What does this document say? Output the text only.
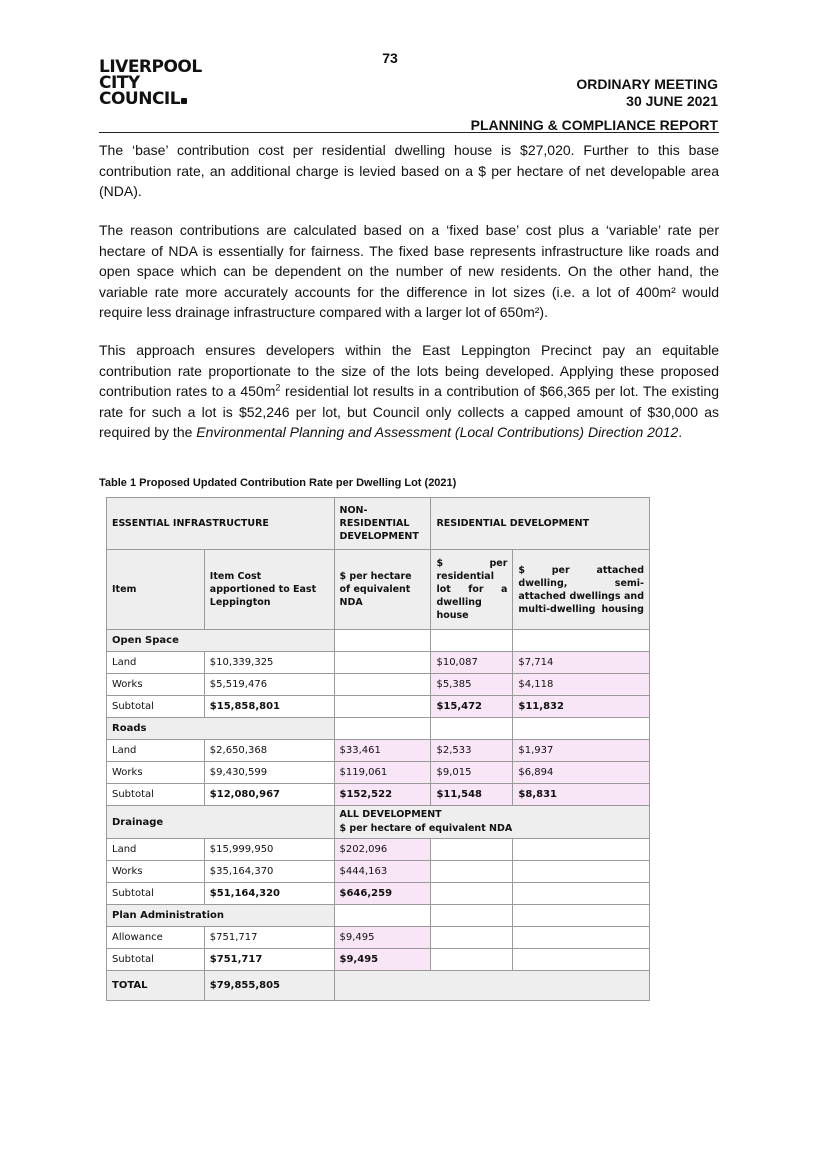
73
LIVERPOOL
CITY
COUNCIL
ORDINARY MEETING
30 JUNE 2021
PLANNING & COMPLIANCE REPORT

The ‘base’ contribution cost per residential dwelling house is $27,020. Further to this base contribution rate, an additional charge is levied based on a $ per hectare of net developable area (NDA).

The reason contributions are calculated based on a ‘fixed base’ cost plus a ‘variable’ rate per hectare of NDA is essentially for fairness. The fixed base represents infrastructure like roads and open space which can be dependent on the number of new residents. On the other hand, the variable rate more accurately accounts for the difference in lot sizes (i.e. a lot of 400m² would require less drainage infrastructure compared with a larger lot of 650m²).

This approach ensures developers within the East Leppington Precinct pay an equitable contribution rate proportionate to the size of the lots being developed. Applying these proposed contribution rates to a $450m^2$ residential lot results in a contribution of $66,365 per lot. The existing rate for such a lot is $52,246 per lot, but Council only collects a capped amount of $30,000 as required by the Environmental Planning and Assessment (Local Contributions) Direction 2012.

Table 1 Proposed Updated Contribution Rate per Dwelling Lot (2021)
ESSENTIAL INFRASTRUCTURE		NON-RESIDENTIAL DEVELOPMENT	RESIDENTIAL DEVELOPMENT	
Item	Item Cost apportioned to East Leppington	$ per hectare of equivalent NDA	$ per residential lot for a dwelling house	$ per attached dwelling, semi-attached dwellings and multi-dwelling housing
Open Space				
Land	$10,339,325		$10,087	$7,714
Works	$5,519,476		$5,385	$4,118
Subtotal	$15,858,801		$15,472	$11,832
Roads				
Land	$2,650,368	$33,461	$2,533	$1,937
Works	$9,430,599	$119,061	$9,015	$6,894
Subtotal	$12,080,967	$152,522	$11,548	$8,831
Drainage		ALL DEVELOPMENT
$ per hectare of equivalent NDA		

Land	$15,999,950	$202,096		
Works	$35,164,370	$444,163		
Subtotal	$51,164,320	$646,259		
Plan Administration				
Allowance	$751,717	$9,495		
Subtotal	$751,717	$9,495		
TOTAL	$79,855,805			
